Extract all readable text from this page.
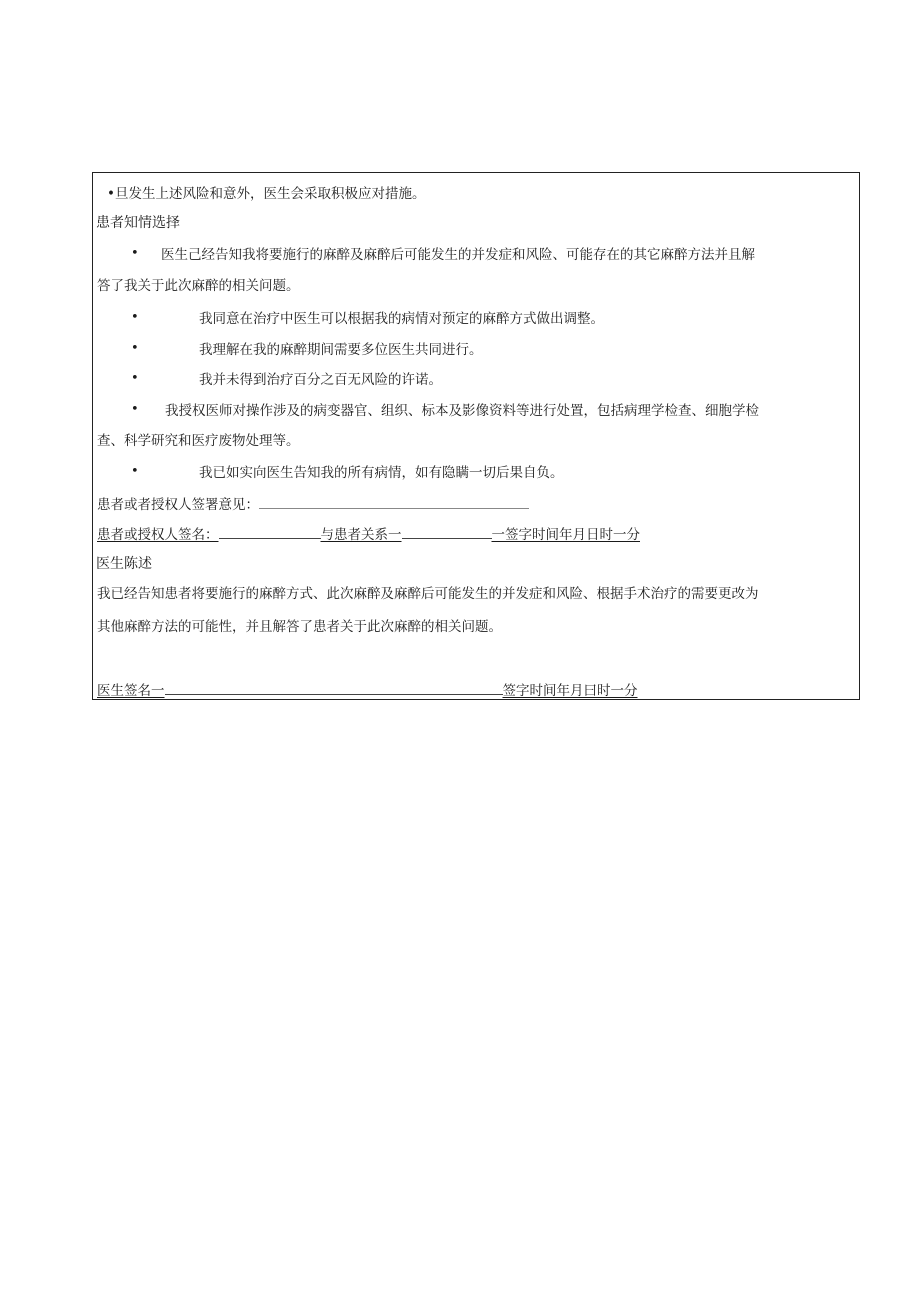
•旦发生上述风险和意外，医生会采取积极应对措施。
患者知情选择
• 医生己经告知我将要施行的麻醉及麻醉后可能发生的并发症和风险、可能存在的其它麻醉方法并且解
答了我关于此次麻醉的相关问题。
•	我同意在治疗中医生可以根据我的病情对预定的麻醉方式做出调整。
•	我理解在我的麻醉期间需要多位医生共同进行。
•	我并未得到治疗百分之百无风险的许诺。
• 我授权医师对操作涉及的病变器官、组织、标本及影像资料等进行处置，包括病理学检查、细胞学检
查、科学研究和医疗废物处理等。
•	我已如实向医生告知我的所有病情，如有隐瞒一切后果自负。
患者或者授权人签署意见：
患者或授权人签名：	与患者关系一	一签字时间年月日时一分
医生陈述
我已经告知患者将要施行的麻醉方式、此次麻醉及麻醉后可能发生的并发症和风险、根据手术治疗的需要更改为
其他麻醉方法的可能性，并且解答了患者关于此次麻醉的相关问题。
医生签名一	签字时间年月曰时一分
